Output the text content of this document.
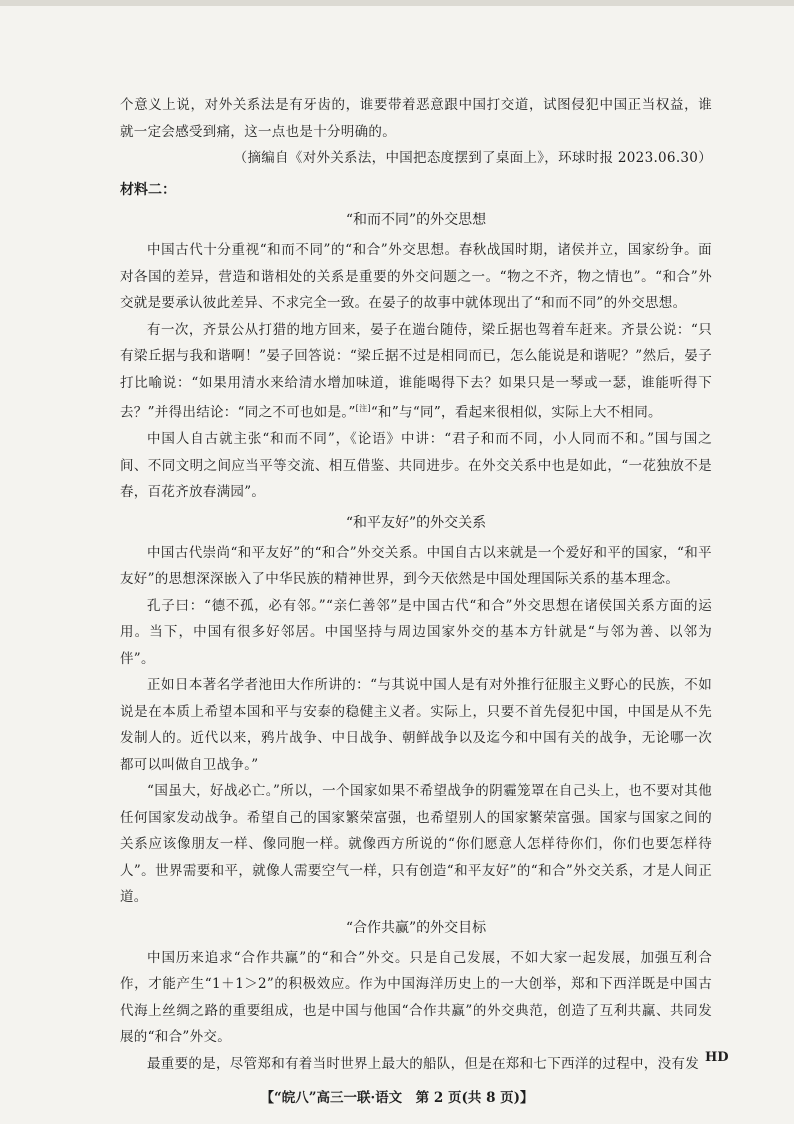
个意义上说，对外关系法是有牙齿的，谁要带着恶意跟中国打交道，试图侵犯中国正当权益，谁就一定会感受到痛，这一点也是十分明确的。

（摘编自《对外关系法，中国把态度摆到了桌面上》，环球时报 2023.06.30）

材料二：
“和而不同”的外交思想

中国古代十分重视“和而不同”的“和合”外交思想。春秋战国时期，诸侯并立，国家纷争。面对各国的差异，营造和谐相处的关系是重要的外交问题之一。“物之不齐，物之情也”。“和合”外交就是要承认彼此差异、不求完全一致。在晏子的故事中就体现出了“和而不同”的外交思想。

有一次，齐景公从打猎的地方回来，晏子在遄台随侍，梁丘据也驾着车赶来。齐景公说：“只有梁丘据与我和谐啊！”晏子回答说：“梁丘据不过是相同而已，怎么能说是和谐呢？”然后，晏子打比喻说：“如果用清水来给清水增加味道，谁能喝得下去？如果只是一琴或一瑟，谁能听得下去？”并得出结论：“同之不可也如是。”[注]“和”与“同”，看起来很相似，实际上大不相同。

中国人自古就主张“和而不同”，《论语》中讲：“君子和而不同，小人同而不和。”国与国之间、不同文明之间应当平等交流、相互借鉴、共同进步。在外交关系中也是如此，“一花独放不是春，百花齐放春满园”。

“和平友好”的外交关系

中国古代崇尚“和平友好”的“和合”外交关系。中国自古以来就是一个爱好和平的国家，“和平友好”的思想深深嵌入了中华民族的精神世界，到今天依然是中国处理国际关系的基本理念。

孔子曰：“德不孤，必有邻。”“亲仁善邻”是中国古代“和合”外交思想在诸侯国关系方面的运用。当下，中国有很多好邻居。中国坚持与周边国家外交的基本方针就是“与邻为善、以邻为伴”。

正如日本著名学者池田大作所讲的：“与其说中国人是有对外推行征服主义野心的民族，不如说是在本质上希望本国和平与安泰的稳健主义者。实际上，只要不首先侵犯中国，中国是从不先发制人的。近代以来，鸦片战争、中日战争、朝鲜战争以及迄今和中国有关的战争，无论哪一次都可以叫做自卫战争。”

“国虽大，好战必亡。”所以，一个国家如果不希望战争的阴霾笼罩在自己头上，也不要对其他任何国家发动战争。希望自己的国家繁荣富强，也希望别人的国家繁荣富强。国家与国家之间的关系应该像朋友一样、像同胞一样。就像西方所说的“你们愿意人怎样待你们，你们也要怎样待人”。世界需要和平，就像人需要空气一样，只有创造“和平友好”的“和合”外交关系，才是人间正道。

“合作共赢”的外交目标

中国历来追求“合作共赢”的“和合”外交。只是自己发展，不如大家一起发展，加强互利合作，才能产生“1＋1＞2”的积极效应。作为中国海洋历史上的一大创举，郑和下西洋既是中国古代海上丝绸之路的重要组成，也是中国与他国“合作共赢”的外交典范，创造了互利共赢、共同发展的“和合”外交。

最重要的是，尽管郑和有着当时世界上最大的船队，但是在郑和七下西洋的过程中，没有发 HD
【“皖八”高三一联·语文　第 2 页(共 8 页)】
